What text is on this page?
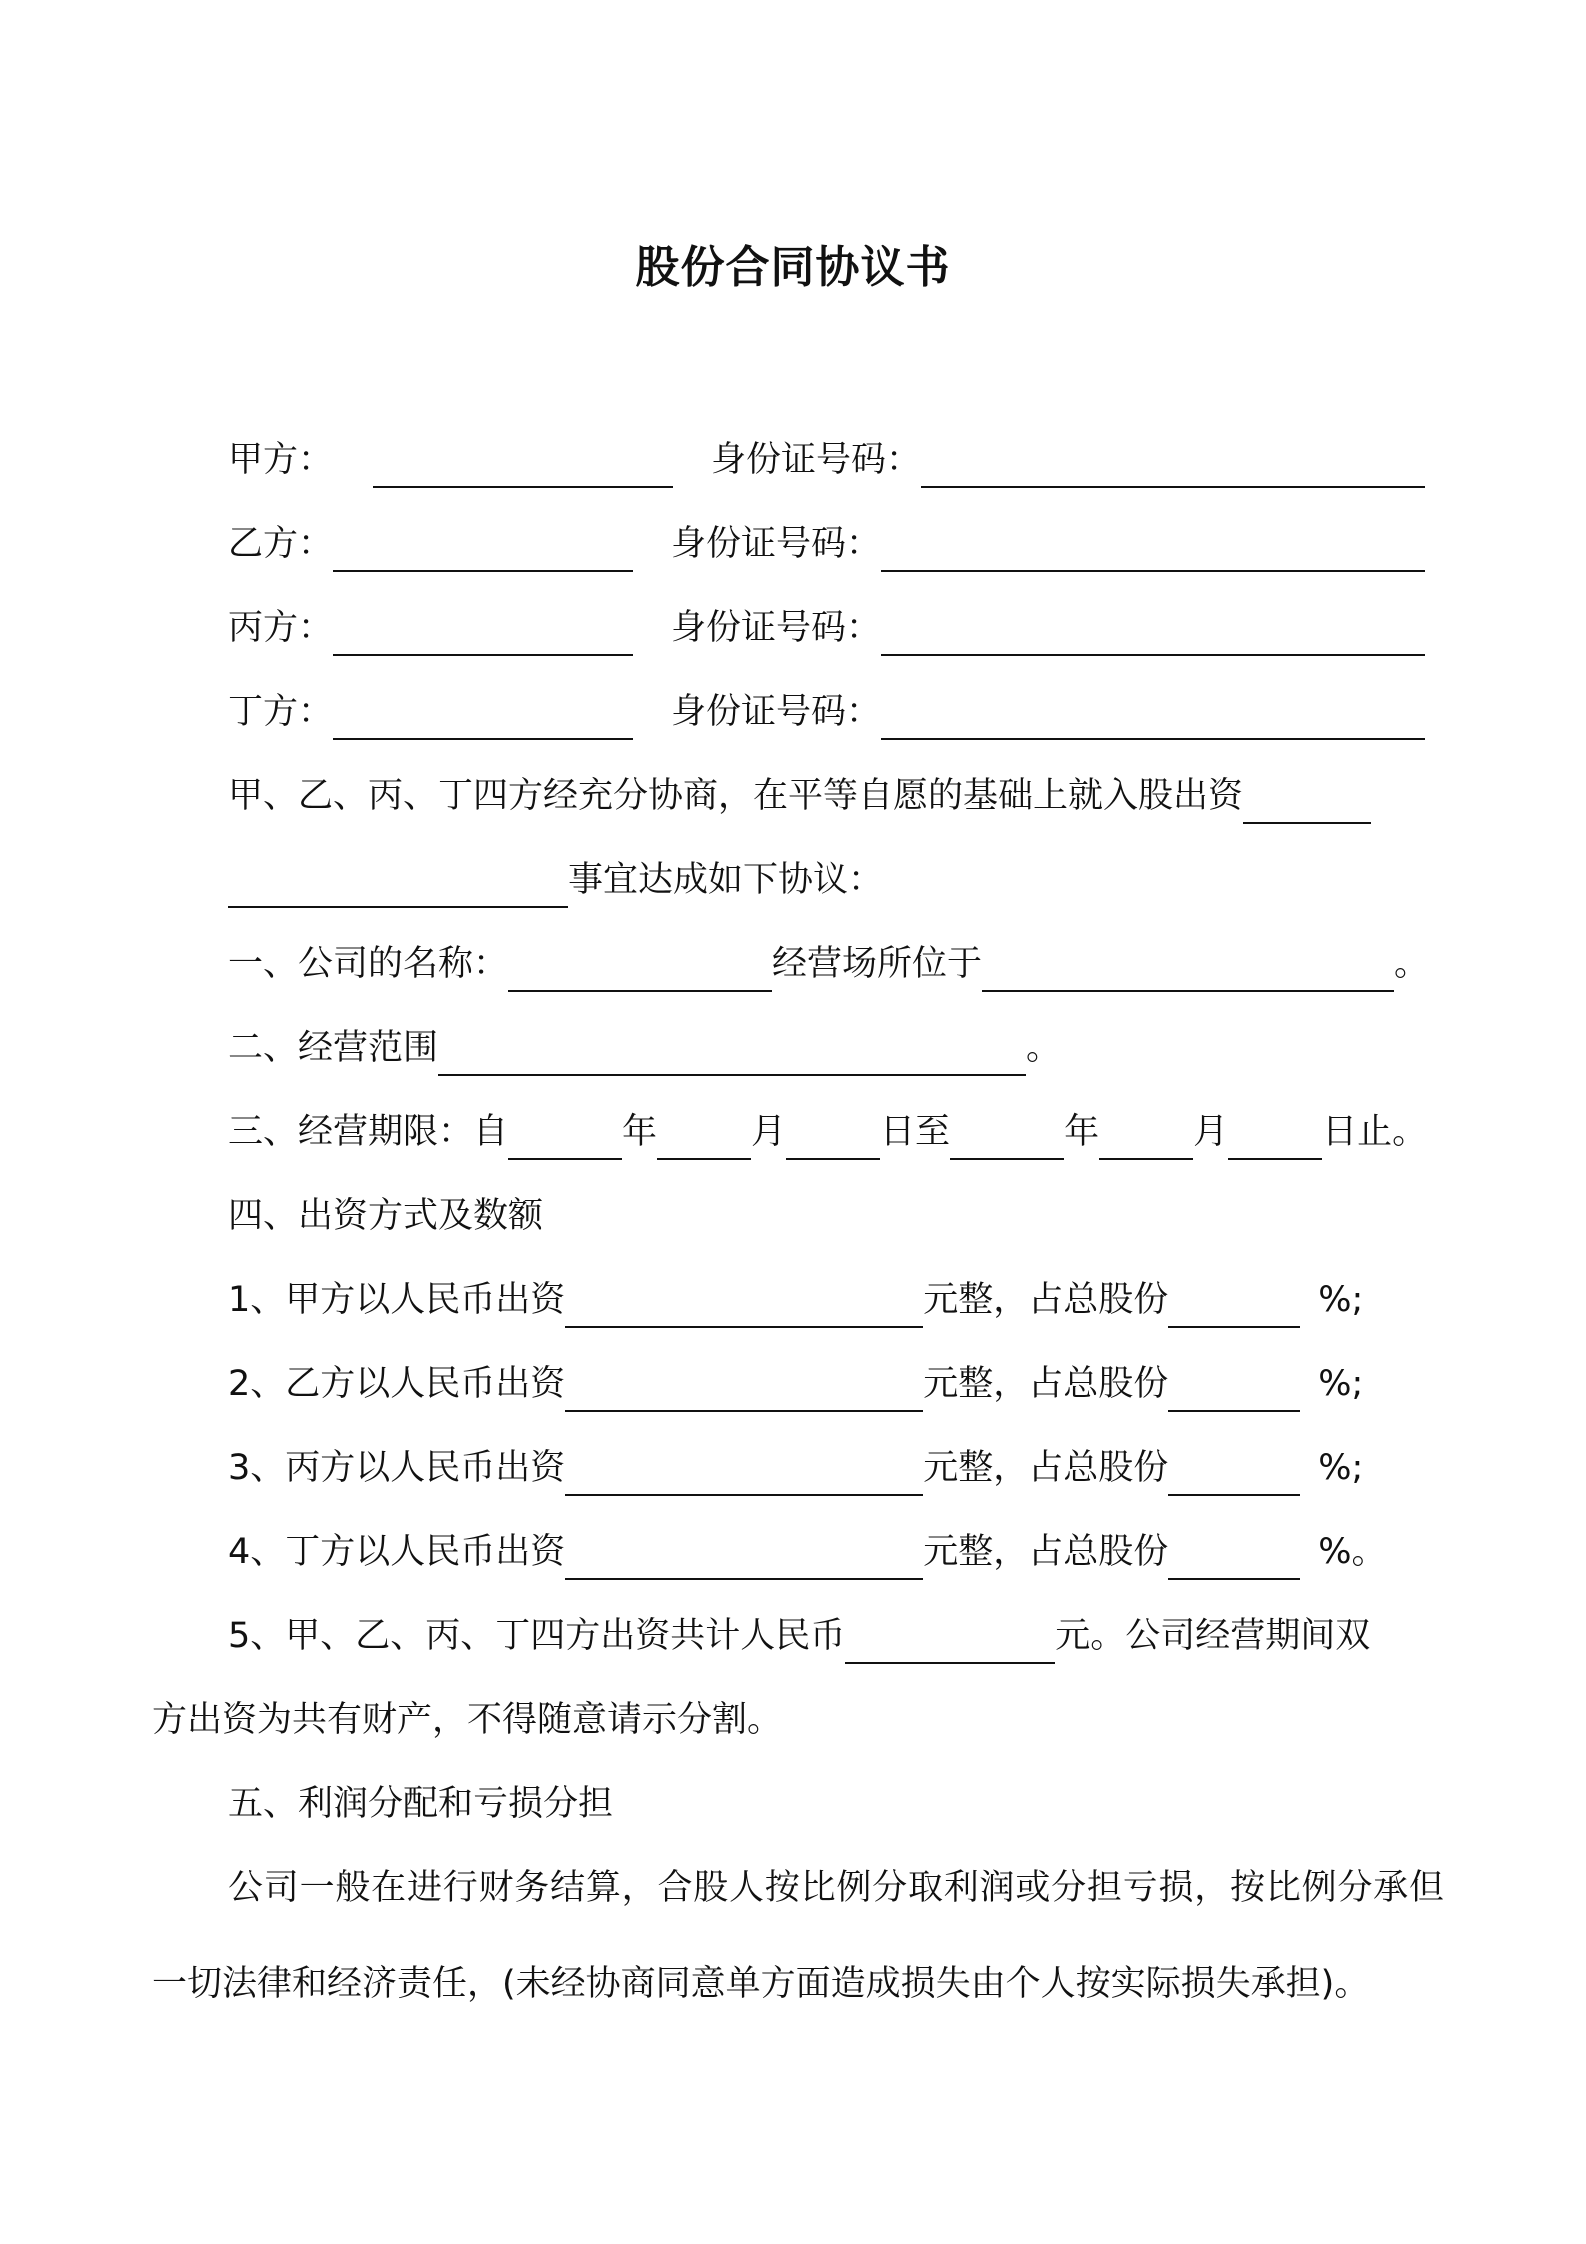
股份合同协议书
甲方：	身份证号码：
乙方：	身份证号码：
丙方：	身份证号码：
丁方：	身份证号码：
甲、乙、丙、丁四方经充分协商，在平等自愿的基础上就入股出资
事宜达成如下协议：
一、公司的名称：	经营场所位于	。
二、经营范围	。
三、经营期限：自	年	月	日至	年	月	日止。
四、出资方式及数额
1、甲方以人民币出资	元整，占总股份	%;
2、乙方以人民币出资	元整，占总股份	%;
3、丙方以人民币出资	元整，占总股份	%;
4、丁方以人民币出资	元整，占总股份	%。
5、甲、乙、丙、丁四方出资共计人民币	元。公司经营期间双
方出资为共有财产，不得随意请示分割。
五、利润分配和亏损分担

公司一般在进行财务结算，合股人按比例分取利润或分担亏损，按比例分承但一切法律和经济责任，(未经协商同意单方面造成损失由个人按实际损失承担)。
